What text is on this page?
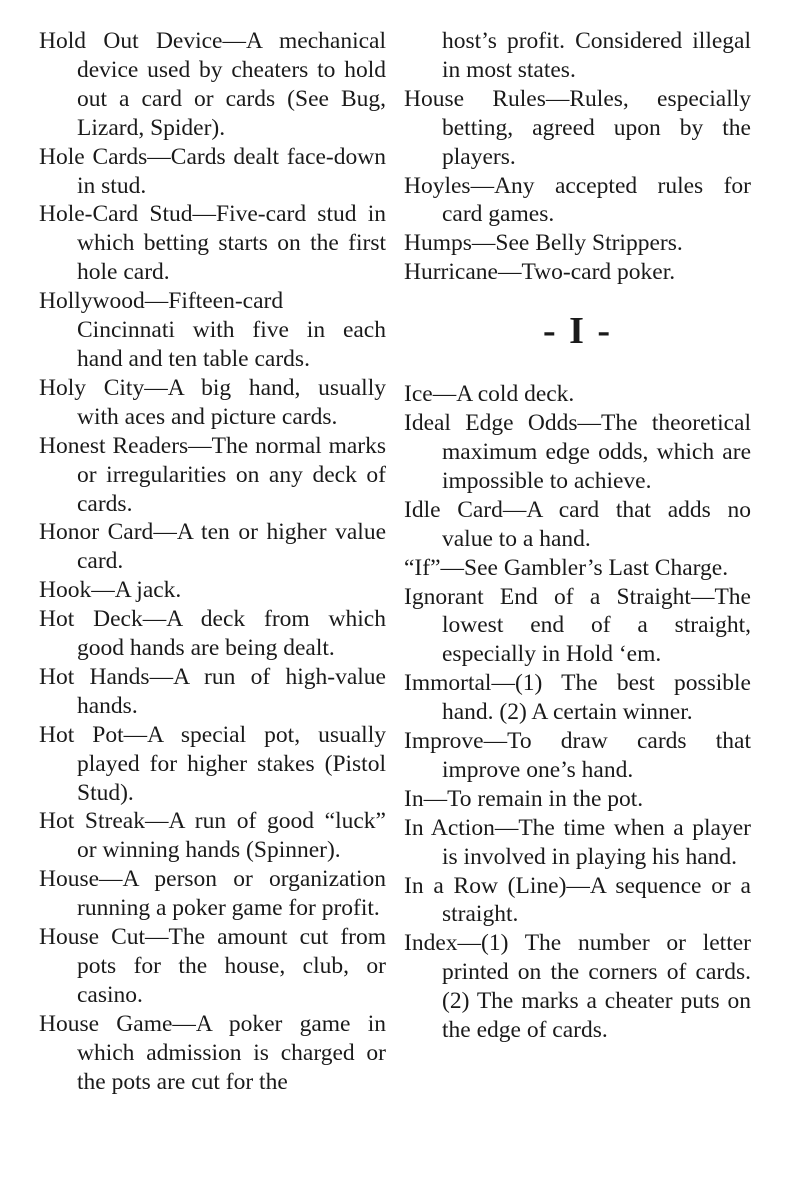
Hold Out Device—A mechanical device used by cheaters to hold out a card or cards (See Bug, Lizard, Spider).
Hole Cards—Cards dealt face-down in stud.
Hole-Card Stud—Five-card stud in which betting starts on the first hole card.
Hollywood—Fifteen-card Cincinnati with five in each hand and ten table cards.
Holy City—A big hand, usually with aces and picture cards.
Honest Readers—The normal marks or irregularities on any deck of cards.
Honor Card—A ten or higher value card.
Hook—A jack.
Hot Deck—A deck from which good hands are being dealt.
Hot Hands—A run of high-value hands.
Hot Pot—A special pot, usually played for higher stakes (Pistol Stud).
Hot Streak—A run of good “luck” or winning hands (Spinner).
House—A person or organization running a poker game for profit.
House Cut—The amount cut from pots for the house, club, or casino.
House Game—A poker game in which admission is charged or the pots are cut for the
host’s profit. Considered illegal in most states.
House Rules—Rules, especially betting, agreed upon by the players.
Hoyles—Any accepted rules for card games.
Humps—See Belly Strippers.
Hurricane—Two-card poker.
- I -
Ice—A cold deck.
Ideal Edge Odds—The theoretical maximum edge odds, which are impossible to achieve.
Idle Card—A card that adds no value to a hand.
“If”—See Gambler’s Last Charge.
Ignorant End of a Straight—The lowest end of a straight, especially in Hold ‘em.
Immortal—(1) The best possible hand. (2) A certain winner.
Improve—To draw cards that improve one’s hand.
In—To remain in the pot.
In Action—The time when a player is involved in playing his hand.
In a Row (Line)—A sequence or a straight.
Index—(1) The number or letter printed on the corners of cards. (2) The marks a cheater puts on the edge of cards.
